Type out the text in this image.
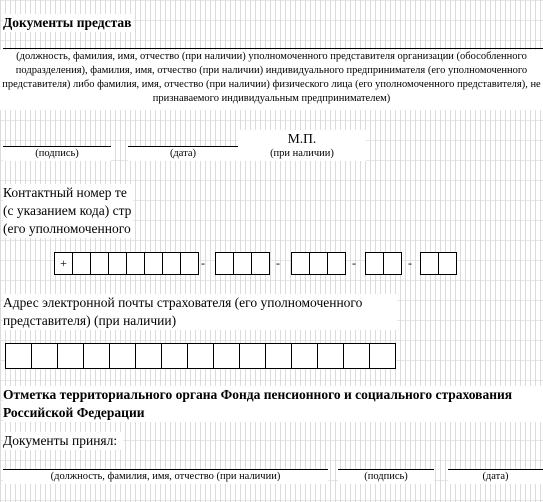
Документы представ
(должность, фамилия, имя, отчество (при наличии) уполномоченного представителя организации (обособленного подразделения), фамилия, имя, отчество (при наличии) индивидуального предпринимателя (его уполномоченного представителя) либо фамилия, имя, отчество (при наличии) физического лица (его уполномоченного представителя), не признаваемого индивидуальным предпринимателем)
М.П.
(подпись)	(дата)	(при наличии)
Контактный номер те
(с указанием кода) стр
(его уполномоченного
+	-	-	-	-
Адрес электронной почты страхователя (его уполномоченного представителя) (при наличии)
Отметка территориального органа Фонда пенсионного и социального страхования Российской Федерации
Документы принял:
(должность, фамилия, имя, отчество (при наличии)	(подпись)	(дата)
